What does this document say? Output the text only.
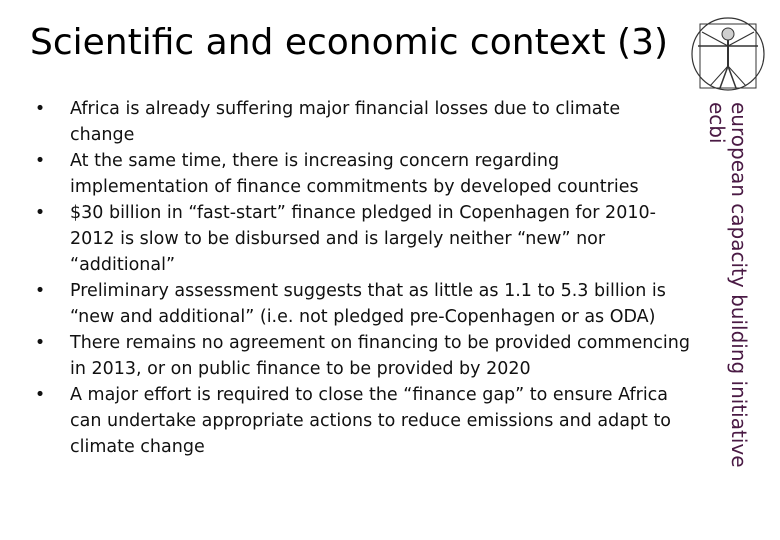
Scientific and economic context (3)
• Africa is already suffering major financial losses due to climate change
• At the same time, there is increasing concern regarding implementation of finance commitments by developed countries
• $30 billion in “fast-start” finance pledged in Copenhagen for 2010-2012 is slow to be disbursed and is largely neither “new” nor “additional”
• Preliminary assessment suggests that as little as 1.1 to 5.3 billion is “new and additional” (i.e. not pledged pre-Copenhagen or as ODA)
• There remains no agreement on financing to be provided commencing in 2013, or on public finance to be provided by 2020
• A major effort is required to close the “finance gap” to ensure Africa can undertake appropriate actions to reduce emissions and adapt to climate change	european capacity building initiative
ecbi
